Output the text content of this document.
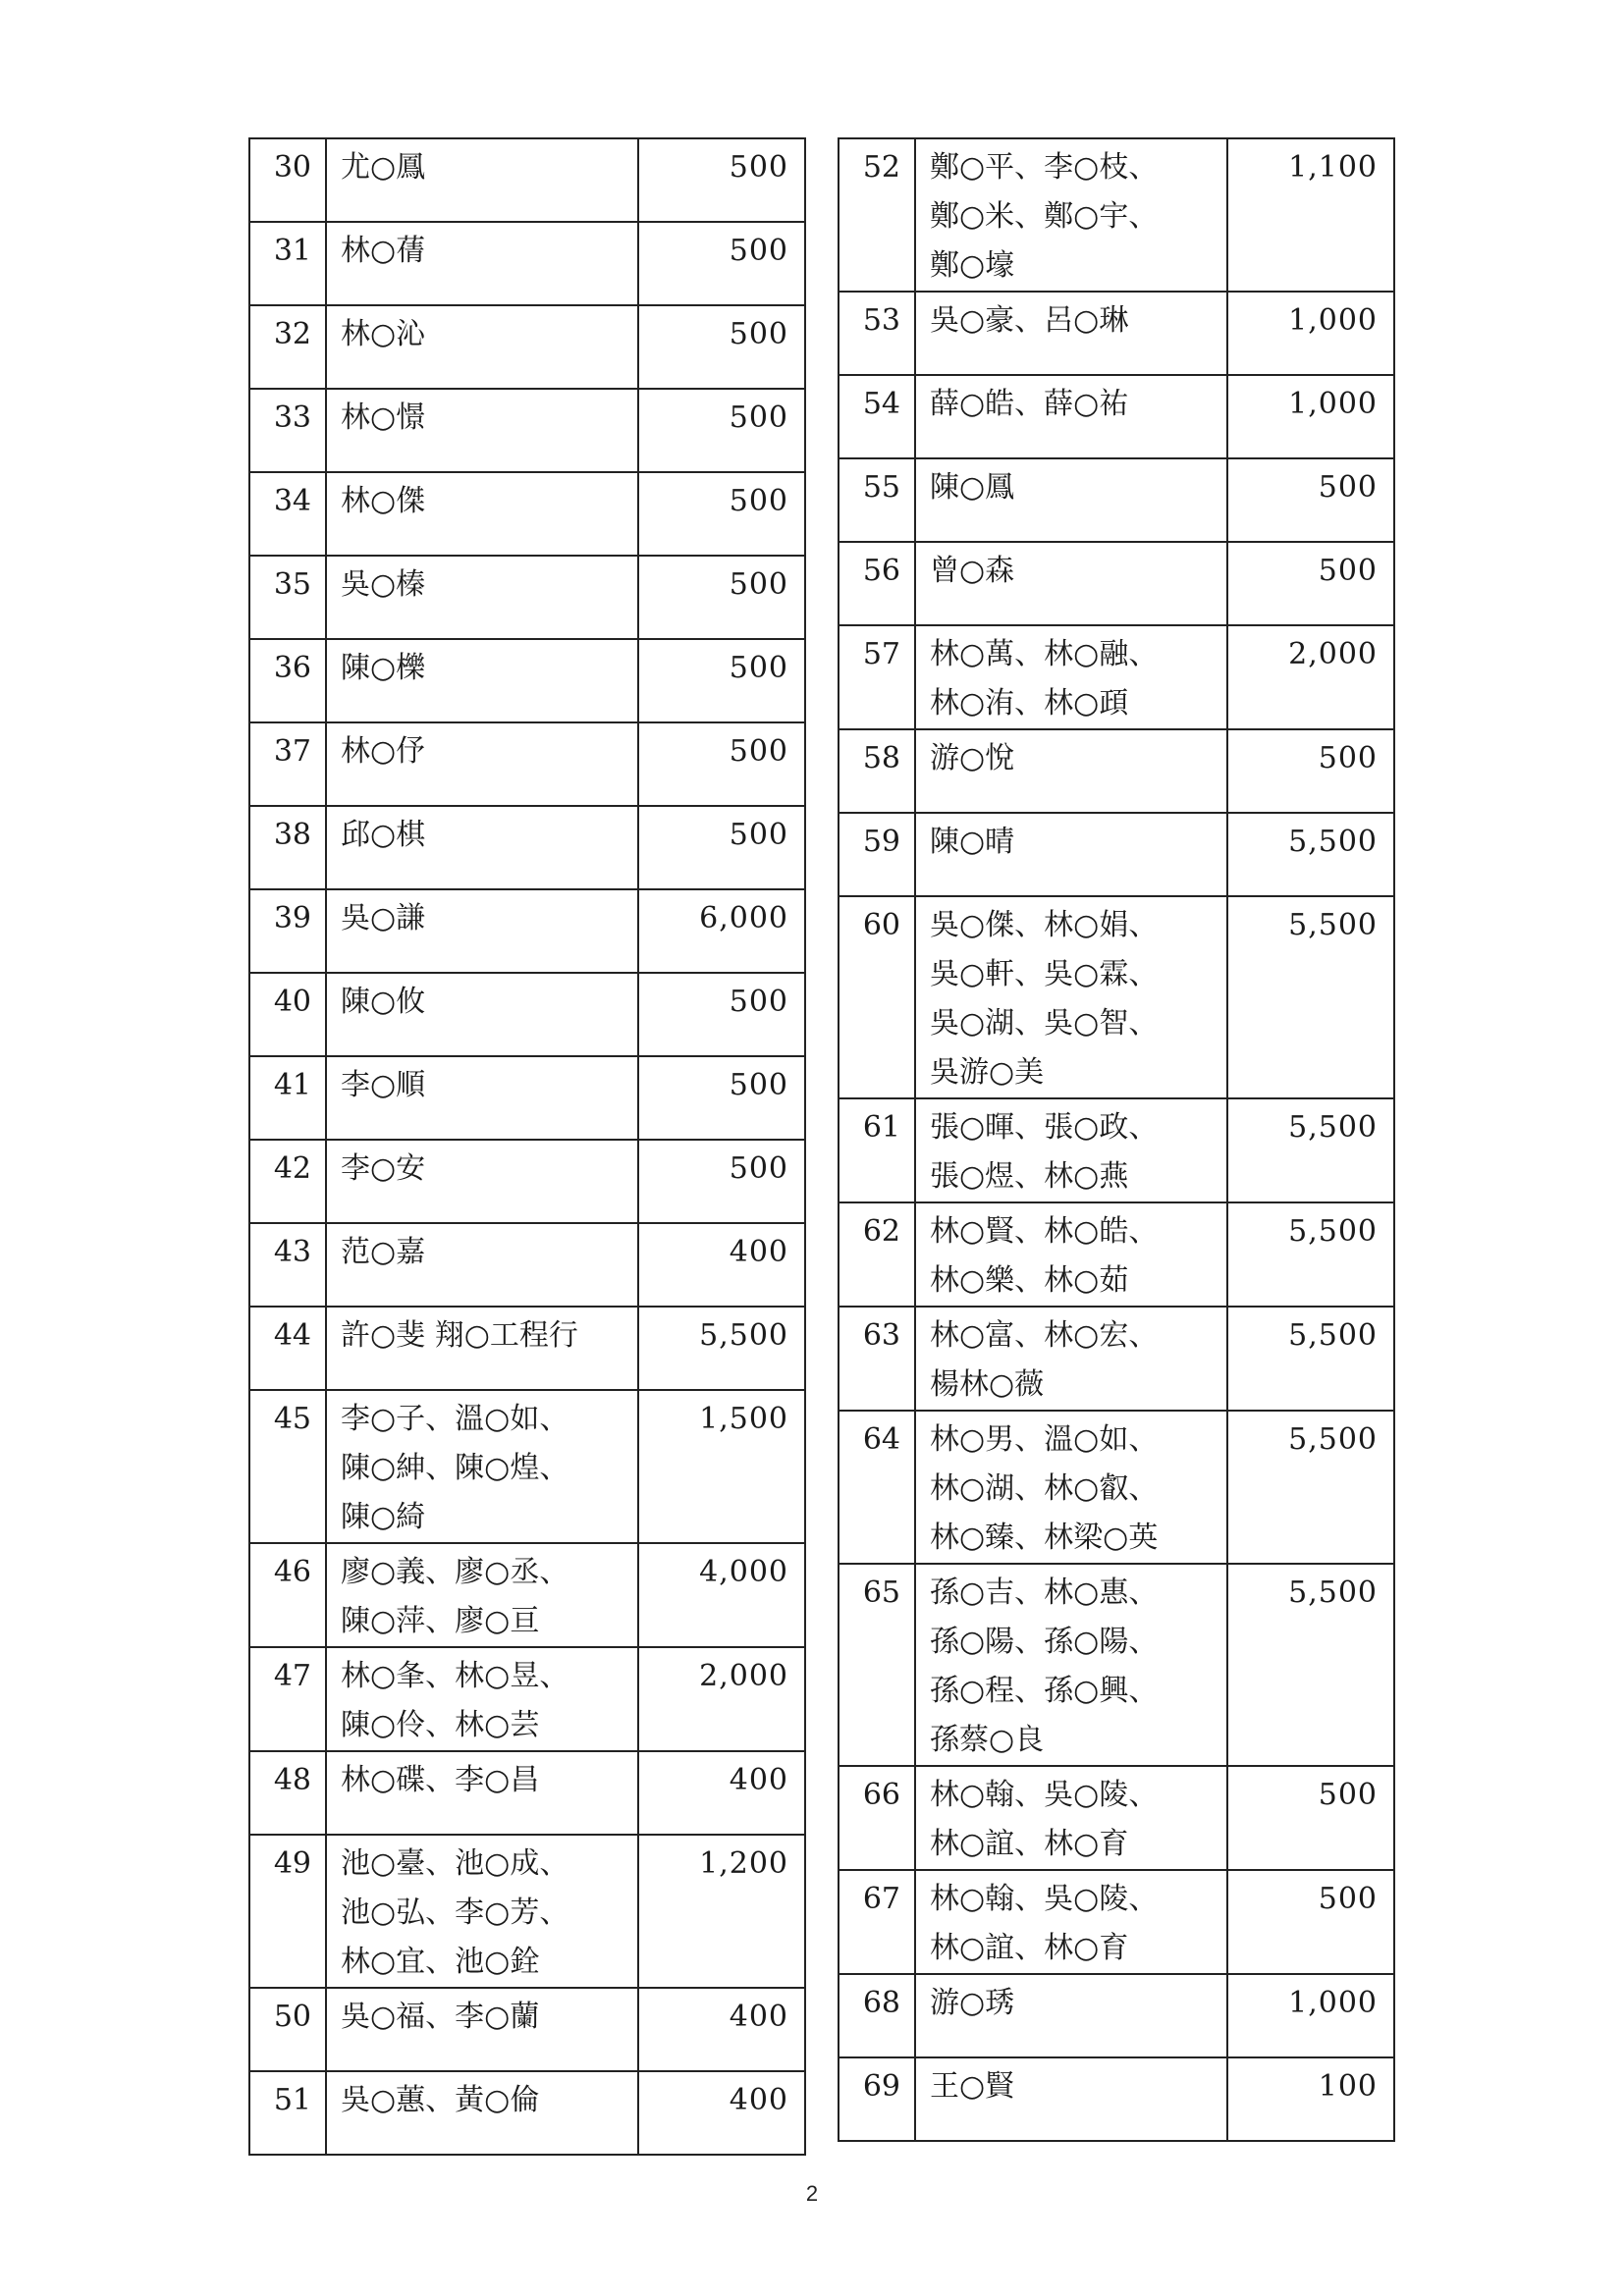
30	尤○鳳	500
31	林○蒨	500
32	林○沁	500
33	林○憬	500
34	林○傑	500
35	吳○榛	500
36	陳○櫟	500
37	林○伃	500
38	邱○棋	500
39	吳○謙	6,000
40	陳○攸	500
41	李○順	500
42	李○安	500
43	范○嘉	400
44	許○斐 翔○工程行	5,500
45	李○子、溫○如、
陳○紳、陳○煌、
陳○綺	1,500
46	廖○義、廖○丞、
陳○萍、廖○亘	4,000
47	林○夆、林○昱、
陳○伶、林○芸	2,000
48	林○碟、李○昌	400
49	池○臺、池○成、
池○弘、李○芳、
林○宜、池○銓	1,200
50	吳○福、李○蘭	400
51	吳○蕙、黃○倫	400
52	鄭○平、李○枝、
鄭○米、鄭○宇、
鄭○壕	1,100
53	吳○豪、呂○琳	1,000
54	薛○皓、薛○祐	1,000
55	陳○鳳	500
56	曾○森	500
57	林○萬、林○融、
林○洧、林○頙	2,000
58	游○悅	500
59	陳○晴	5,500
60	吳○傑、林○娟、
吳○軒、吳○霖、
吳○湖、吳○智、
吳游○美	5,500
61	張○暉、張○政、
張○煜、林○燕	5,500
62	林○賢、林○皓、
林○樂、林○茹	5,500
63	林○富、林○宏、
楊林○薇	5,500
64	林○男、溫○如、
林○湖、林○叡、
林○臻、林梁○英	5,500
65	孫○吉、林○惠、
孫○陽、孫○陽、
孫○程、孫○興、
孫蔡○良	5,500
66	林○翰、吳○陵、
林○誼、林○育	500
67	林○翰、吳○陵、
林○誼、林○育	500
68	游○琇	1,000
69	王○賢	100
2
